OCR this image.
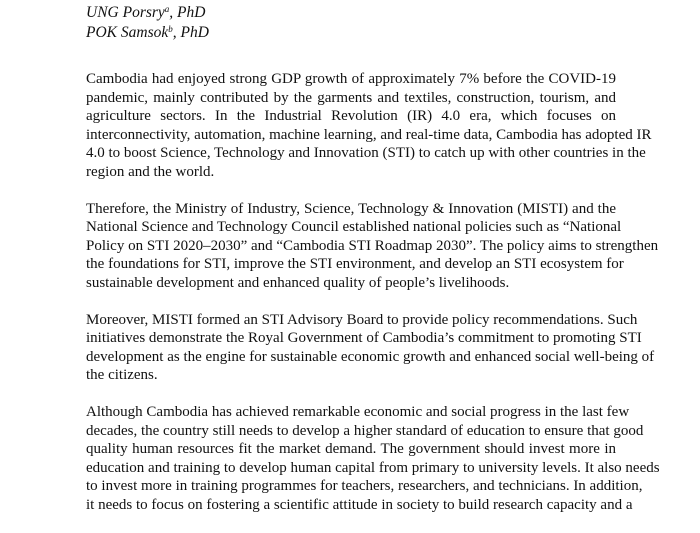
UNG Porsry$^a$, PhD
POK Samsok$^b$, PhD
Cambodia had enjoyed strong GDP growth of approximately 7% before the COVID-19
pandemic, mainly contributed by the garments and textiles, construction, tourism, and
agriculture sectors. In the Industrial Revolution (IR) 4.0 era, which focuses on
interconnectivity, automation, machine learning, and real-time data, Cambodia has adopted IR
4.0 to boost Science, Technology and Innovation (STI) to catch up with other countries in the
region and the world.
Therefore, the Ministry of Industry, Science, Technology & Innovation (MISTI) and the
National Science and Technology Council established national policies such as “National
Policy on STI 2020–2030” and “Cambodia STI Roadmap 2030”. The policy aims to strengthen
the foundations for STI, improve the STI environment, and develop an STI ecosystem for
sustainable development and enhanced quality of people’s livelihoods.
Moreover, MISTI formed an STI Advisory Board to provide policy recommendations. Such
initiatives demonstrate the Royal Government of Cambodia’s commitment to promoting STI
development as the engine for sustainable economic growth and enhanced social well-being of
the citizens.
Although Cambodia has achieved remarkable economic and social progress in the last few
decades, the country still needs to develop a higher standard of education to ensure that good
quality human resources fit the market demand. The government should invest more in
education and training to develop human capital from primary to university levels. It also needs
to invest more in training programmes for teachers, researchers, and technicians. In addition,
it needs to focus on fostering a scientific attitude in society to build research capacity and a
